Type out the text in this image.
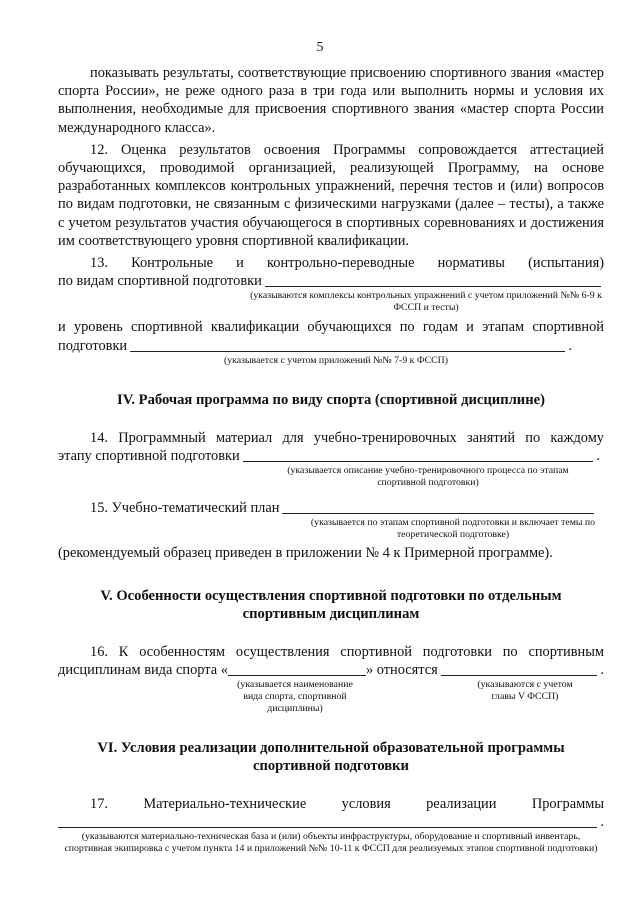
5

показывать результаты, соответствующие присвоению спортивного звания «мастер спорта России», не реже одного раза в три года или выполнить нормы и условия их выполнения, необходимые для присвоения спортивного звания «мастер спорта России международного класса».

12. Оценка результатов освоения Программы сопровождается аттестацией обучающихся, проводимой организацией, реализующей Программу, на основе разработанных комплексов контрольных упражнений, перечня тестов и (или) вопросов по видам подготовки, не связанным с физическими нагрузками (далее – тесты), а также с учетом результатов участия обучающегося в спортивных соревнованиях и достижения им соответствующего уровня спортивной квалификации.

13. Контрольные и контрольно-переводные нормативы (испытания)

по видам спортивной подготовки
(указываются комплексы контрольных упражнений с учетом приложений №№ 6-9 к ФССП и тесты)

и уровень спортивной квалификации обучающихся по годам и этапам спортивной

подготовки	.
(указывается с учетом приложений №№ 7-9 к ФССП)
IV. Рабочая программа по виду спорта (спортивной дисциплине)

14. Программный материал для учебно-тренировочных занятий по каждому

этапу спортивной подготовки	.
(указывается описание учебно-тренировочного процесса по этапам спортивной подготовки)
15. Учебно-тематический план
(указывается по этапам спортивной подготовки и включает темы по теоретической подготовке)

(рекомендуемый образец приведен в приложении № 4 к Примерной программе).

V. Особенности осуществления спортивной подготовки по отдельным спортивным дисциплинам

16. К особенностям осуществления спортивной подготовки по спортивным

дисциплинам вида спорта «	» относятся	.
(указывается наименование вида спорта, спортивной дисциплины)
(указываются с учетом главы V ФССП)
VI. Условия реализации дополнительной образовательной программы спортивной подготовки

17. Материально-технические условия реализации Программы

.
(указываются материально-техническая база и (или) объекты инфраструктуры, оборудование и спортивный инвентарь, спортивная экипировка с учетом пункта 14 и приложений №№ 10-11 к ФССП для реализуемых этапов спортивной подготовки)
